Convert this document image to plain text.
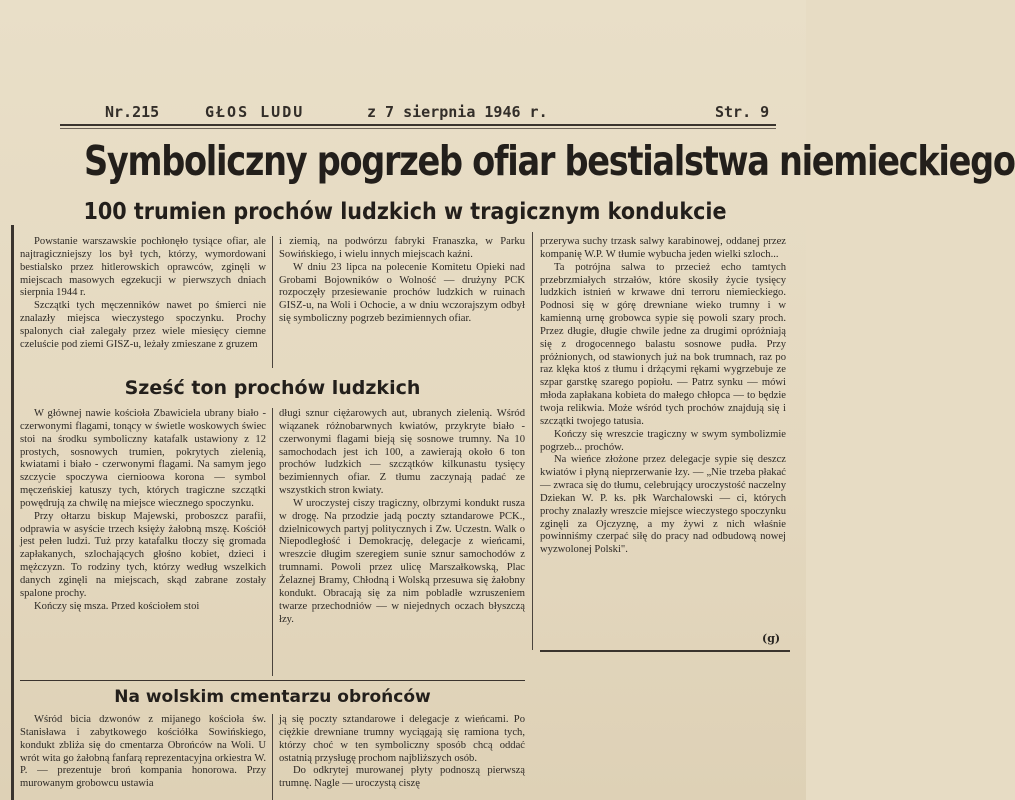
Nr.215	GŁOS LUDU	z 7 sierpnia 1946 r.	Str. 9
Symboliczny pogrzeb ofiar bestialstwa niemieckiego
100 trumien prochów ludzkich w tragicznym kondukcie

Powstanie warszawskie pochłonęło tysiące ofiar, ale najtragiczniejszy los był tych, którzy, wymordowani bestialsko przez hitlerowskich oprawców, zginęli w miejscach masowych egzekucji w pierwszych dniach sierpnia 1944 r.

Szczątki tych męczenników nawet po śmierci nie znalazły miejsca wieczystego spoczynku. Prochy spalonych ciał zalegały przez wiele miesięcy ciemne czeluście pod ziemi GISZ-u, leżały zmieszane z gruzem

i ziemią, na podwórzu fabryki Franaszka, w Parku Sowińskiego, i wielu innych miejscach kaźni.

W dniu 23 lipca na polecenie Komitetu Opieki nad Grobami Bojowników o Wolność — drużyny PCK rozpoczęły przesiewanie prochów ludzkich w ruinach GISZ-u, na Woli i Ochocie, a w dniu wczorajszym odbył się symboliczny pogrzeb bezimiennych ofiar.

Sześć ton prochów ludzkich

W głównej nawie kościoła Zbawiciela ubrany biało - czerwonymi flagami, tonący w świetle woskowych świec stoi na środku symboliczny katafalk ustawiony z 12 prostych, sosnowych trumien, pokrytych zielenią, kwiatami i biało - czerwonymi flagami. Na samym jego szczycie spoczywa ciernioowa korona — symbol męczeńskiej katuszy tych, których tragiczne szczątki powędrują za chwilę na miejsce wiecznego spoczynku.

Przy ołtarzu biskup Majewski, proboszcz parafii, odprawia w asyście trzech księży żałobną mszę. Kościół jest pełen ludzi. Tuż przy katafalku tłoczy się gromada zapłakanych, szlochających głośno kobiet, dzieci i mężczyzn. To rodziny tych, którzy według wszelkich danych zginęli na miejscach, skąd zabrane zostały spalone prochy.

Kończy się msza. Przed kościołem stoi

długi sznur ciężarowych aut, ubranych zielenią. Wśród wiązanek różnobarwnych kwiatów, przykryte biało - czerwonymi flagami bieją się sosnowe trumny. Na 10 samochodach jest ich 100, a zawierają około 6 ton prochów ludzkich — szczątków kilkunastu tysięcy bezimiennych ofiar. Z tłumu zaczynają padać ze wszystkich stron kwiaty.

W uroczystej ciszy tragiczny, olbrzymi kondukt rusza w drogę. Na przodzie jadą poczty sztandarowe PCK., dzielnicowych partyj politycznych i Zw. Uczestn. Walk o Niepodległość i Demokrację, delegacje z wieńcami, wreszcie długim szeregiem sunie sznur samochodów z trumnami. Powoli przez ulicę Marszałkowską, Plac Żelaznej Bramy, Chłodną i Wolską przesuwa się żałobny kondukt. Obracają się za nim pobladłe wzruszeniem twarze przechodniów — w niejednych oczach błyszczą łzy.

przerywa suchy trzask salwy karabinowej, oddanej przez kompanię W.P. W tłumie wybucha jeden wielki szloch...

Ta potrójna salwa to przecież echo tamtych przebrzmiałych strzałów, które skosiły życie tysięcy ludzkich istnień w krwawe dni terroru niemieckiego. Podnosi się w górę drewniane wieko trumny i w kamienną urnę grobowca sypie się powoli szary proch. Przez długie, długie chwile jedne za drugimi opróżniają się z drogocennego balastu sosnowe pudła. Przy próżnionych, od stawionych już na bok trumnach, raz po raz klęka ktoś z tłumu i drżącymi rękami wygrzebuje ze szpar garstkę szarego popiołu. — Patrz synku — mówi młoda zapłakana kobieta do małego chłopca — to będzie twoja relikwia. Może wśród tych prochów znajdują się i szczątki twojego tatusia.

Kończy się wreszcie tragiczny w swym symbolizmie pogrzeb... prochów.

Na wieńce złożone przez delegacje sypie się deszcz kwiatów i płyną nieprzerwanie łzy. — „Nie trzeba płakać — zwraca się do tłumu, celebrujący uroczystość naczelny Dziekan W. P. ks. płk Warchalowski — ci, których prochy znalazły wreszcie miejsce wieczystego spoczynku zginęli za Ojczyznę, a my żywi z nich właśnie powinniśmy czerpać siłę do pracy nad odbudową nowej wyzwolonej Polski".

(g)
Na wolskim cmentarzu obrońców

Wśród bicia dzwonów z mijanego kościoła św. Stanisława i zabytkowego kościółka Sowińskiego, kondukt zbliża się do cmentarza Obrońców na Woli. U wrót wita go żałobną fanfarą reprezentacyjna orkiestra W. P. — prezentuje broń kompania honorowa. Przy murowanym grobowcu ustawia

ją się poczty sztandarowe i delegacje z wieńcami. Po ciężkie drewniane trumny wyciągają się ramiona tych, którzy choć w ten symboliczny sposób chcą oddać ostatnią przysługę prochom najbliższych osób.

Do odkrytej murowanej płyty podnoszą pierwszą trumnę. Nagle — uroczystą ciszę
